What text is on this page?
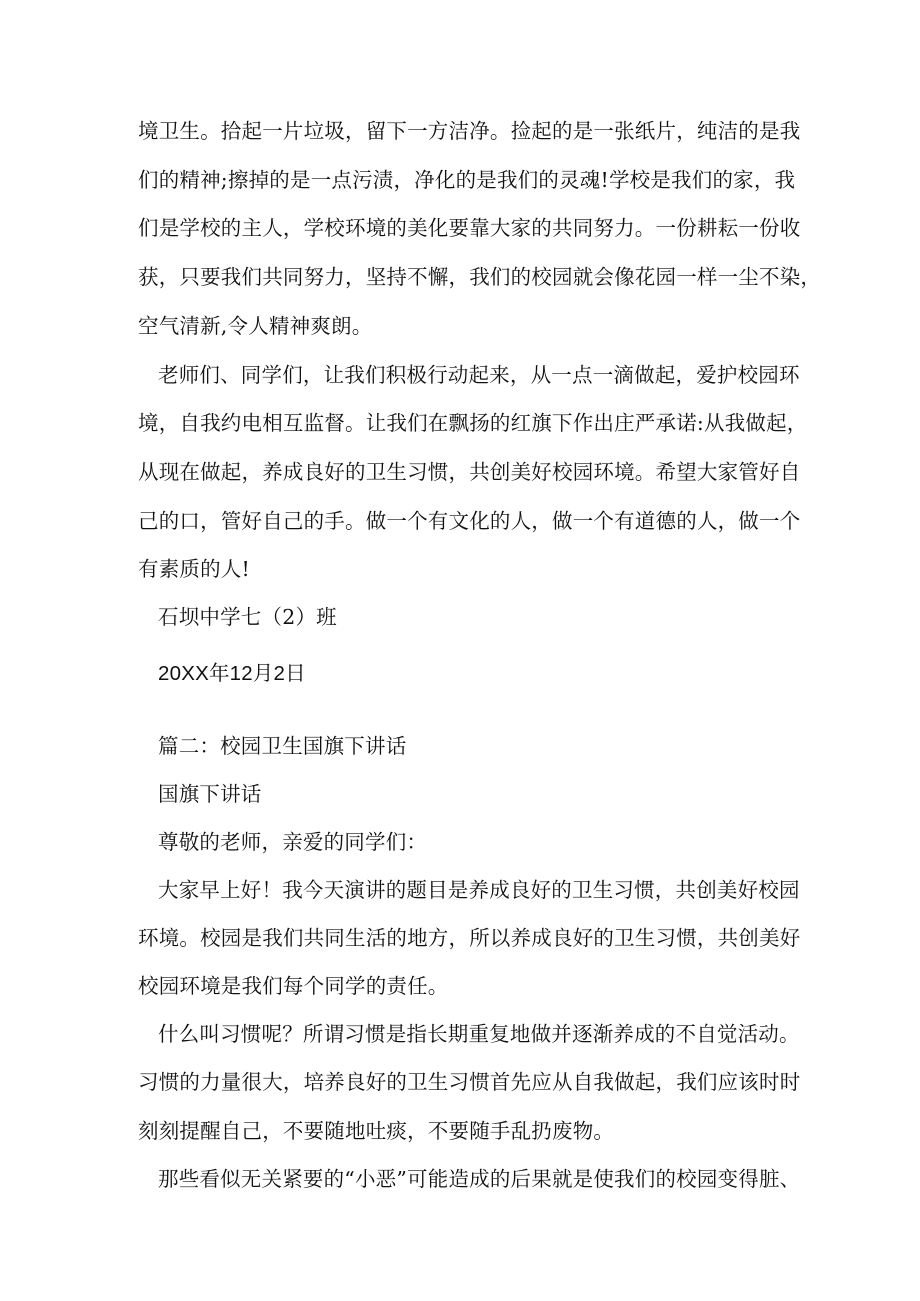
境卫生。拾起一片垃圾，留下一方洁净。捡起的是一张纸片，纯洁的是我

们的精神;擦掉的是一点污渍，净化的是我们的灵魂!学校是我们的家，我

们是学校的主人，学校环境的美化要靠大家的共同努力。一份耕耘一份收

获，只要我们共同努力，坚持不懈，我们的校园就会像花园一样一尘不染，

空气清新,令人精神爽朗。

老师们、同学们，让我们积极行动起来，从一点一滴做起，爱护校园环

境，自我约电相互监督。让我们在飘扬的红旗下作出庄严承诺:从我做起，

从现在做起，养成良好的卫生习惯，共创美好校园环境。希望大家管好自

己的口，管好自己的手。做一个有文化的人，做一个有道德的人，做一个

有素质的人!

石坝中学七（2）班

20XX年12月2日

篇二：校园卫生国旗下讲话

国旗下讲话

尊敬的老师，亲爱的同学们：

大家早上好！我今天演讲的题目是养成良好的卫生习惯，共创美好校园

环境。校园是我们共同生活的地方，所以养成良好的卫生习惯，共创美好

校园环境是我们每个同学的责任。

什么叫习惯呢？所谓习惯是指长期重复地做并逐渐养成的不自觉活动。

习惯的力量很大，培养良好的卫生习惯首先应从自我做起，我们应该时时

刻刻提醒自己，不要随地吐痰，不要随手乱扔废物。

那些看似无关紧要的“小恶”可能造成的后果就是使我们的校园变得脏、
